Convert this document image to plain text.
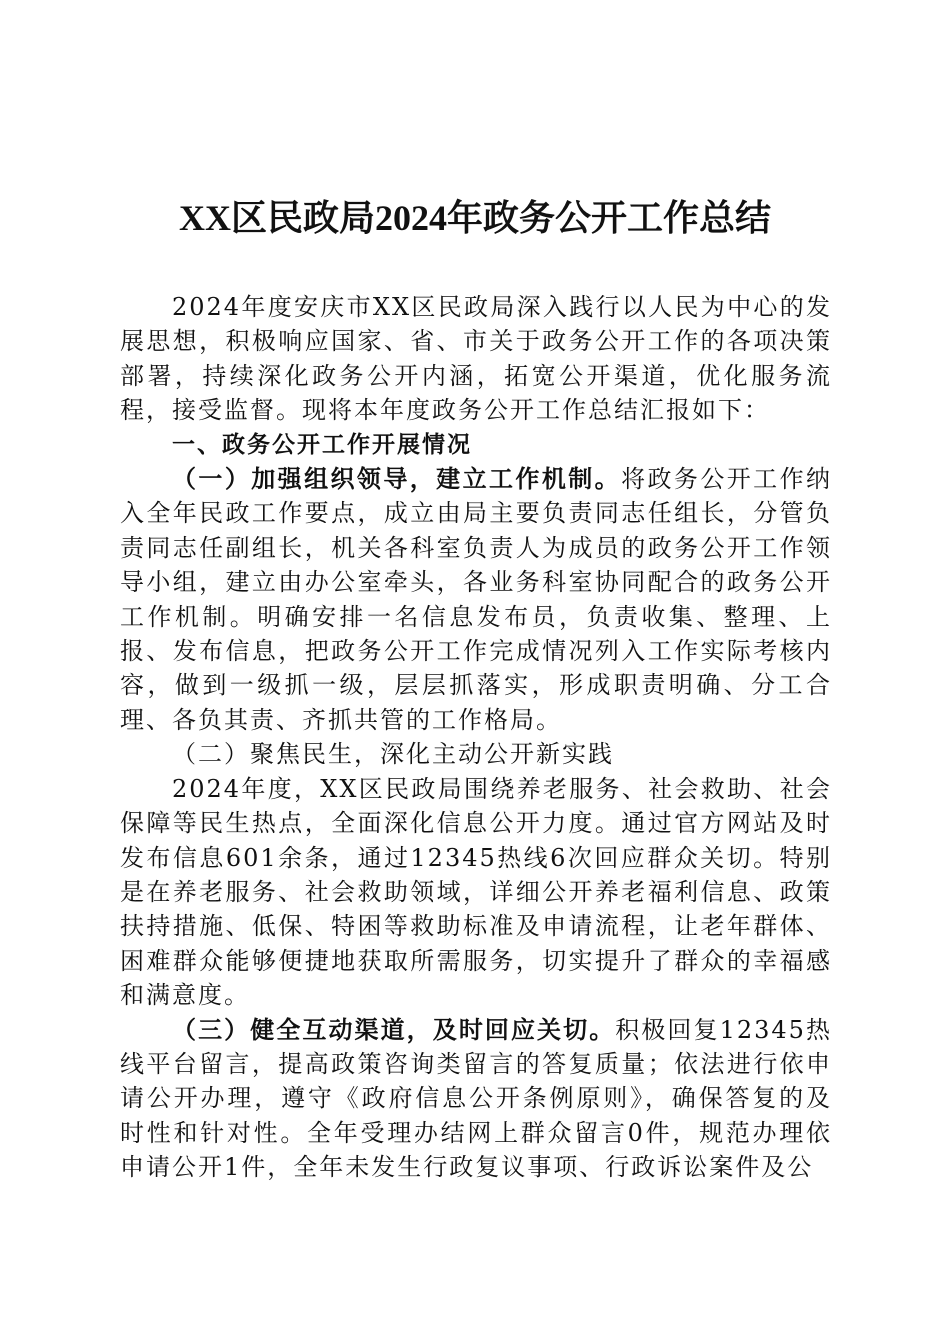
XX区民政局2024年政务公开工作总结

2024年度安庆市XX区民政局深入践行以人民为中心的发展思想，积极响应国家、省、市关于政务公开工作的各项决策部署，持续深化政务公开内涵，拓宽公开渠道，优化服务流程，接受监督。现将本年度政务公开工作总结汇报如下：

一、政务公开工作开展情况

（一）加强组织领导，建立工作机制。将政务公开工作纳入全年民政工作要点，成立由局主要负责同志任组长，分管负责同志任副组长，机关各科室负责人为成员的政务公开工作领导小组，建立由办公室牵头，各业务科室协同配合的政务公开工作机制。明确安排一名信息发布员，负责收集、整理、上报、发布信息，把政务公开工作完成情况列入工作实际考核内容，做到一级抓一级，层层抓落实，形成职责明确、分工合理、各负其责、齐抓共管的工作格局。

（二）聚焦民生，深化主动公开新实践

2024年度，XX区民政局围绕养老服务、社会救助、社会保障等民生热点，全面深化信息公开力度。通过官方网站及时发布信息601余条，通过12345热线6次回应群众关切。特别是在养老服务、社会救助领域，详细公开养老福利信息、政策扶持措施、低保、特困等救助标准及申请流程，让老年群体、困难群众能够便捷地获取所需服务，切实提升了群众的幸福感和满意度。

（三）健全互动渠道，及时回应关切。积极回复12345热线平台留言，提高政策咨询类留言的答复质量；依法进行依申请公开办理，遵守《政府信息公开条例原则》，确保答复的及时性和针对性。全年受理办结网上群众留言0件，规范办理依申请公开1件，全年未发生行政复议事项、行政诉讼案件及公
